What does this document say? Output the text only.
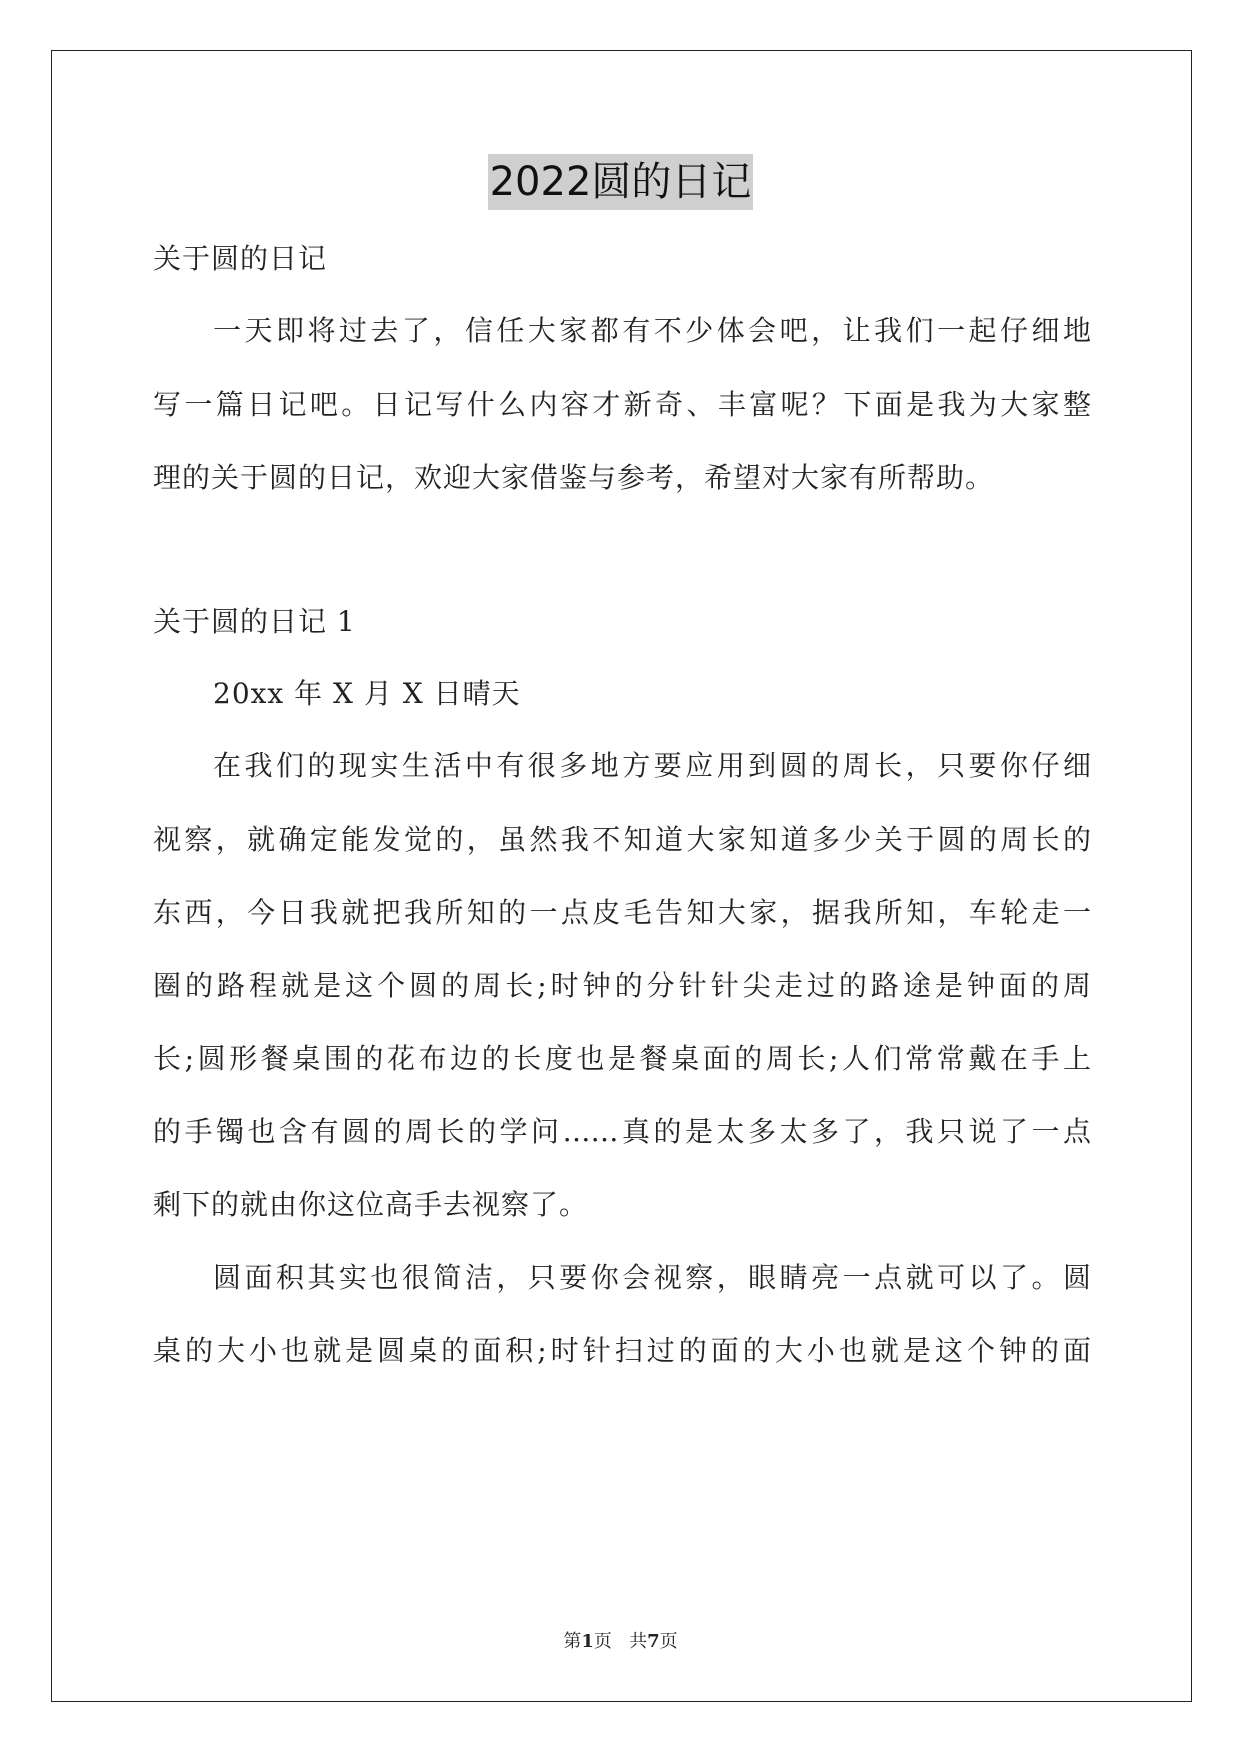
2022圆的日记
关于圆的日记
一天即将过去了，信任大家都有不少体会吧，让我们一起仔细地
写一篇日记吧。日记写什么内容才新奇、丰富呢？下面是我为大家整
理的关于圆的日记，欢迎大家借鉴与参考，希望对大家有所帮助。
关于圆的日记 1
20xx 年 X 月 X 日晴天
在我们的现实生活中有很多地方要应用到圆的周长，只要你仔细
视察，就确定能发觉的，虽然我不知道大家知道多少关于圆的周长的
东西，今日我就把我所知的一点皮毛告知大家，据我所知，车轮走一
圈的路程就是这个圆的周长;时钟的分针针尖走过的路途是钟面的周
长;圆形餐桌围的花布边的长度也是餐桌面的周长;人们常常戴在手上
的手镯也含有圆的周长的学问……真的是太多太多了，我只说了一点
剩下的就由你这位高手去视察了。
圆面积其实也很简洁，只要你会视察，眼睛亮一点就可以了。圆
桌的大小也就是圆桌的面积;时针扫过的面的大小也就是这个钟的面
第1页 共7页
